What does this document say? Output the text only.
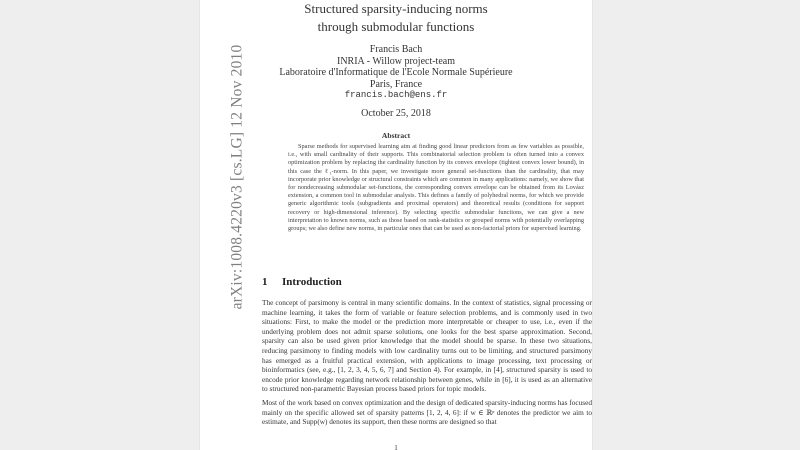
Structured sparsity-inducing norms
through submodular functions
Francis Bach
INRIA - Willow project-team
Laboratoire d'Informatique de l'Ecole Normale Supérieure
Paris, France
francis.bach@ens.fr
October 25, 2018
Abstract

Sparse methods for supervised learning aim at finding good linear predictors from as few variables as possible, i.e., with small cardinality of their supports. This combinatorial selection problem is often turned into a convex optimization problem by replacing the cardinality function by its convex envelope (tightest convex lower bound), in this case the ℓ₁-norm. In this paper, we investigate more general set-functions than the cardinality, that may incorporate prior knowledge or structural constraints which are common in many applications: namely, we show that for nondecreasing submodular set-functions, the corresponding convex envelope can be obtained from its Lovász extension, a common tool in submodular analysis. This defines a family of polyhedral norms, for which we provide generic algorithmic tools (subgradients and proximal operators) and theoretical results (conditions for support recovery or high-dimensional inference). By selecting specific submodular functions, we can give a new interpretation to known norms, such as those based on rank-statistics or grouped norms with potentially overlapping groups; we also define new norms, in particular ones that can be used as non-factorial priors for supervised learning.

1 Introduction

The concept of parsimony is central in many scientific domains. In the context of statistics, signal processing or machine learning, it takes the form of variable or feature selection problems, and is commonly used in two situations: First, to make the model or the prediction more interpretable or cheaper to use, i.e., even if the underlying problem does not admit sparse solutions, one looks for the best sparse approximation. Second, sparsity can also be used given prior knowledge that the model should be sparse. In these two situations, reducing parsimony to finding models with low cardinality turns out to be limiting, and structured parsimony has emerged as a fruitful practical extension, with applications to image processing, text processing or bioinformatics (see, e.g., [1, 2, 3, 4, 5, 6, 7] and Section 4). For example, in [4], structured sparsity is used to encode prior knowledge regarding network relationship between genes, while in [6], it is used as an alternative to structured non-parametric Bayesian process based priors for topic models.

Most of the work based on convex optimization and the design of dedicated sparsity-inducing norms has focused mainly on the specific allowed set of sparsity patterns [1, 2, 4, 6]: if w ∈ ℝᵖ denotes the predictor we aim to estimate, and Supp(w) denotes its support, then these norms are designed so that

1
arXiv:1008.4220v3 [cs.LG] 12 Nov 2010
